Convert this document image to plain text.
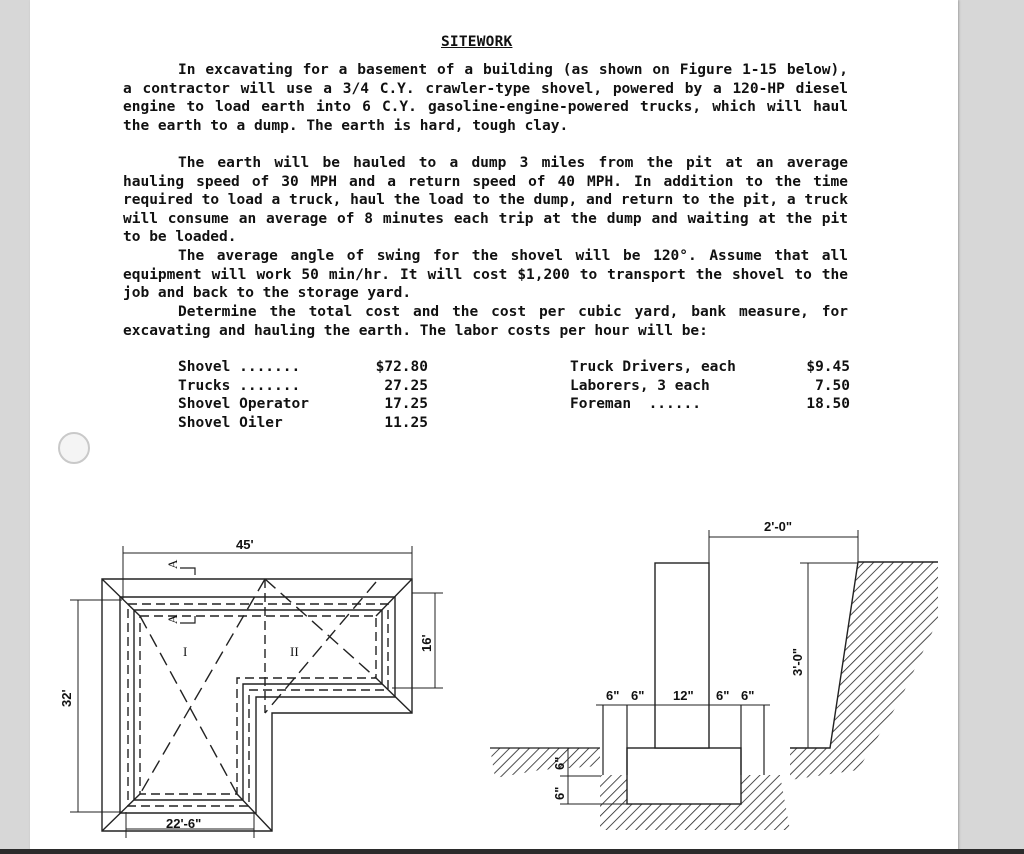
SITEWORK

In excavating for a basement of a building (as shown on Figure 1-15 below), a contractor will use a 3/4 C.Y. crawler-type shovel, powered by a 120-HP diesel engine to load earth into 6 C.Y. gasoline-engine-powered trucks, which will haul the earth to a dump. The earth is hard, tough clay.

The earth will be hauled to a dump 3 miles from the pit at an average hauling speed of 30 MPH and a return speed of 40 MPH. In addition to the time required to load a truck, haul the load to the dump, and return to the pit, a truck will consume an average of 8 minutes each trip at the dump and waiting at the pit to be loaded.

The average angle of swing for the shovel will be 120°. Assume that all equipment will work 50 min/hr. It will cost $1,200 to transport the shovel to the job and back to the storage yard.

Determine the total cost and the cost per cubic yard, bank measure, for excavating and hauling the earth. The labor costs per hour will be:

Shovel .......	$72.80
Trucks .......	27.25
Shovel Operator	17.25
Shovel Oiler	11.25
Truck Drivers, each	$9.45
Laborers, 3 each	7.50
Foreman  ......	18.50
45'
32'
16'
22'-6"
I	II
A
A
2'-0"
3'-0"
6" 6" 12" 6" 6"
6"
6"
